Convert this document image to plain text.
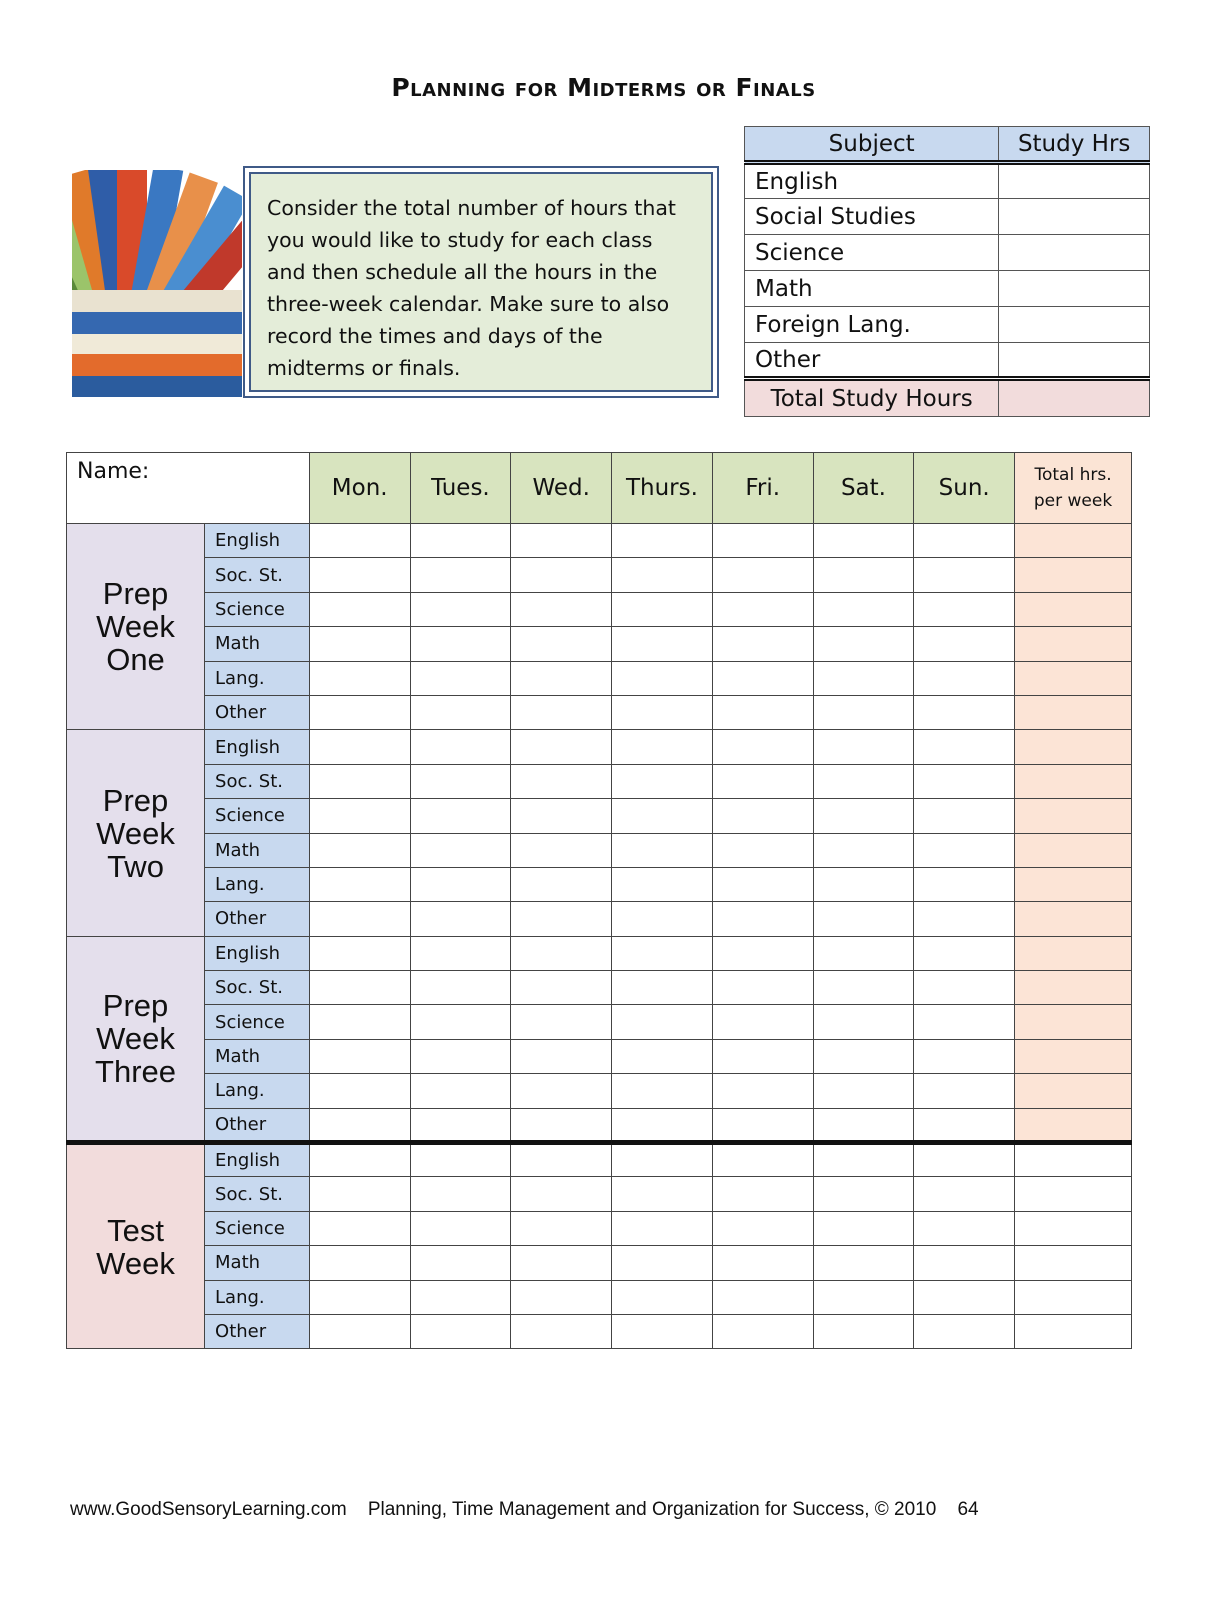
Planning for Midterms or Finals
Consider the total number of hours that
you would like to study for each class
and then schedule all the hours in the
three-week calendar. Make sure to also
record the times and days of the
midterms or finals.
Subject	Study Hrs
English	
Social Studies	
Science	
Math	
Foreign Lang.	
Other	
Total Study Hours	
Name:		Mon.	Tues.	Wed.	Thurs.	Fri.	Sat.	Sun.	Total hrs.
per week
Prep
Week
One	English								
	Soc. St.								
	Science								
	Math								
	Lang.								
	Other								
Prep
Week
Two	English								
	Soc. St.								
	Science								
	Math								
	Lang.								
	Other								
Prep
Week
Three	English								
	Soc. St.								
	Science								
	Math								
	Lang.								
	Other								
Test
Week	English								
	Soc. St.								
	Science								
	Math								
	Lang.								
	Other								
www.GoodSensoryLearning.com Planning, Time Management and Organization for Success, © 2010 64
